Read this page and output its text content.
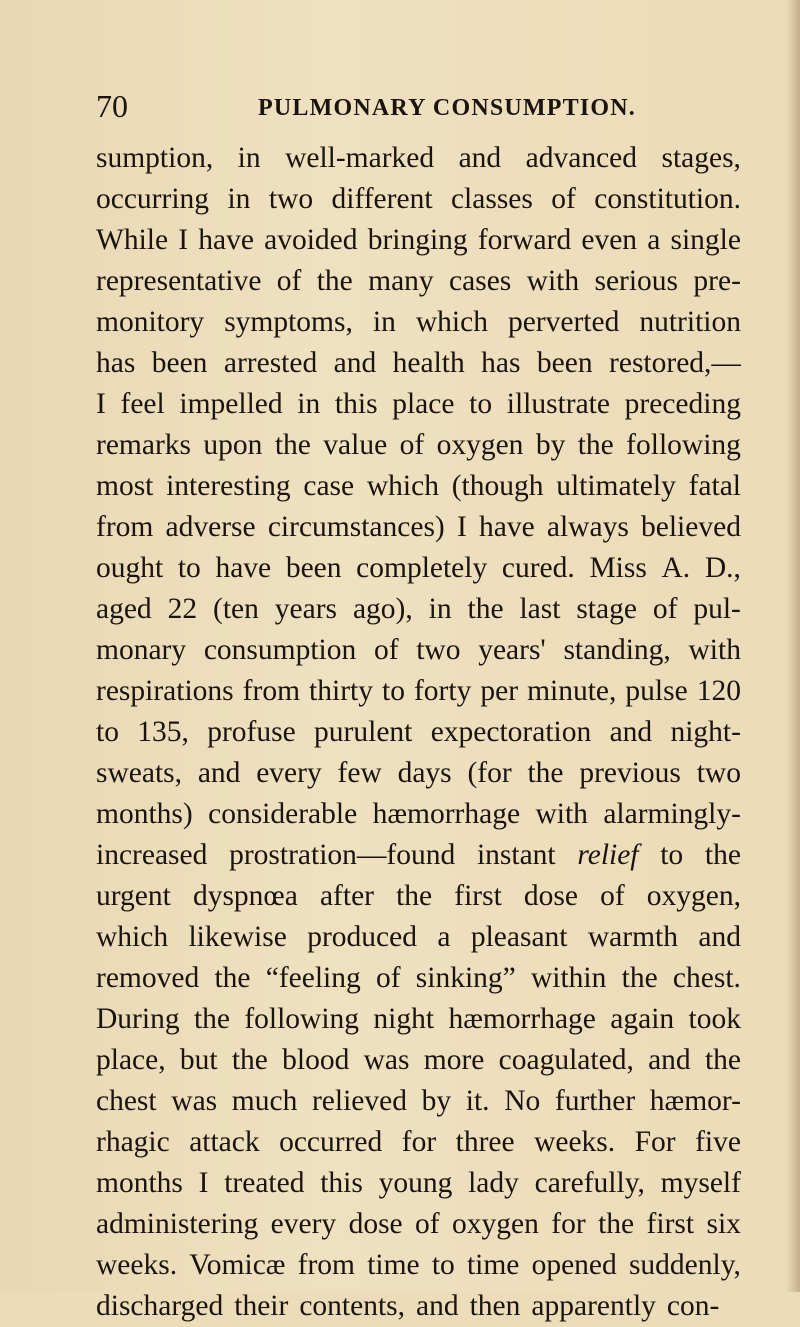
70	PULMONARY CONSUMPTION.
sumption, in well-marked and advanced stages,
occurring in two different classes of constitution.
While I have avoided bringing forward even a single
representative of the many cases with serious pre-
monitory symptoms, in which perverted nutrition
has been arrested and health has been restored,—
I feel impelled in this place to illustrate preceding
remarks upon the value of oxygen by the following
most interesting case which (though ultimately fatal
from adverse circumstances) I have always believed
ought to have been completely cured. Miss A. D.,
aged 22 (ten years ago), in the last stage of pul-
monary consumption of two years' standing, with
respirations from thirty to forty per minute, pulse 120
to 135, profuse purulent expectoration and night-
sweats, and every few days (for the previous two
months) considerable hæmorrhage with alarmingly-
increased prostration—found instant relief to the
urgent dyspnœa after the first dose of oxygen,
which likewise produced a pleasant warmth and
removed the “feeling of sinking” within the chest.
During the following night hæmorrhage again took
place, but the blood was more coagulated, and the
chest was much relieved by it. No further hæmor-
rhagic attack occurred for three weeks. For five
months I treated this young lady carefully, myself
administering every dose of oxygen for the first six
weeks. Vomicæ from time to time opened suddenly,
discharged their contents, and then apparently con-
